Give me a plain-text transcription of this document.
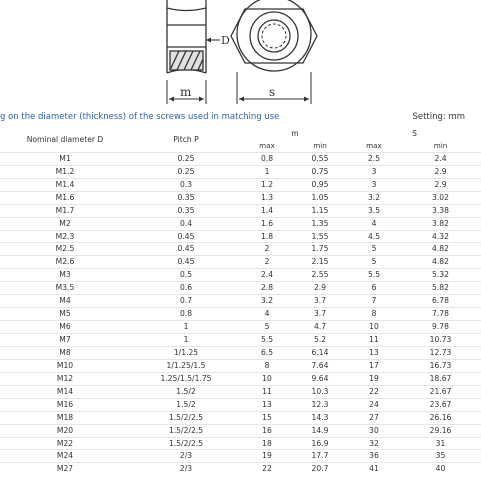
D
m	s
g on the diameter (thickness) of the screws used in matching use	Setting: mm
Nominal diameter D	Pitch P	m		S	
		max	min	max	min
M1	0.25	0.8	0.55	2.5	2.4
M1.2	0.25	1	0.75	3	2.9
M1.4	0.3	1.2	0.95	3	2.9
M1.6	0.35	1.3	1.05	3.2	3.02
M1.7	0.35	1.4	1.15	3.5	3.38
M2	0.4	1.6	1.35	4	3.82
M2.3	0.45	1.8	1.55	4.5	4.32
M2.5	0.45	2	1.75	5	4.82
M2.6	0.45	2	2.15	5	4.82
M3	0.5	2.4	2.55	5.5	5.32
M3.5	0.6	2.8	2.9	6	5.82
M4	0.7	3.2	3.7	7	6.78
M5	0.8	4	3.7	8	7.78
M6	1	5	4.7	10	9.78
M7	1	5.5	5.2	11	10.73
M8	1/1.25	6.5	6.14	13	12.73
M10	1/1.25/1.5	8	7.64	17	16.73
M12	1.25/1.5/1.75	10	9.64	19	18.67
M14	1.5/2	11	10.3	22	21.67
M16	1.5/2	13	12.3	24	23.67
M18	1.5/2/2.5	15	14.3	27	26.16
M20	1.5/2/2.5	16	14.9	30	29.16
M22	1.5/2/2.5	18	16.9	32	31
M24	2/3	19	17.7	36	35
M27	2/3	22	20.7	41	40
